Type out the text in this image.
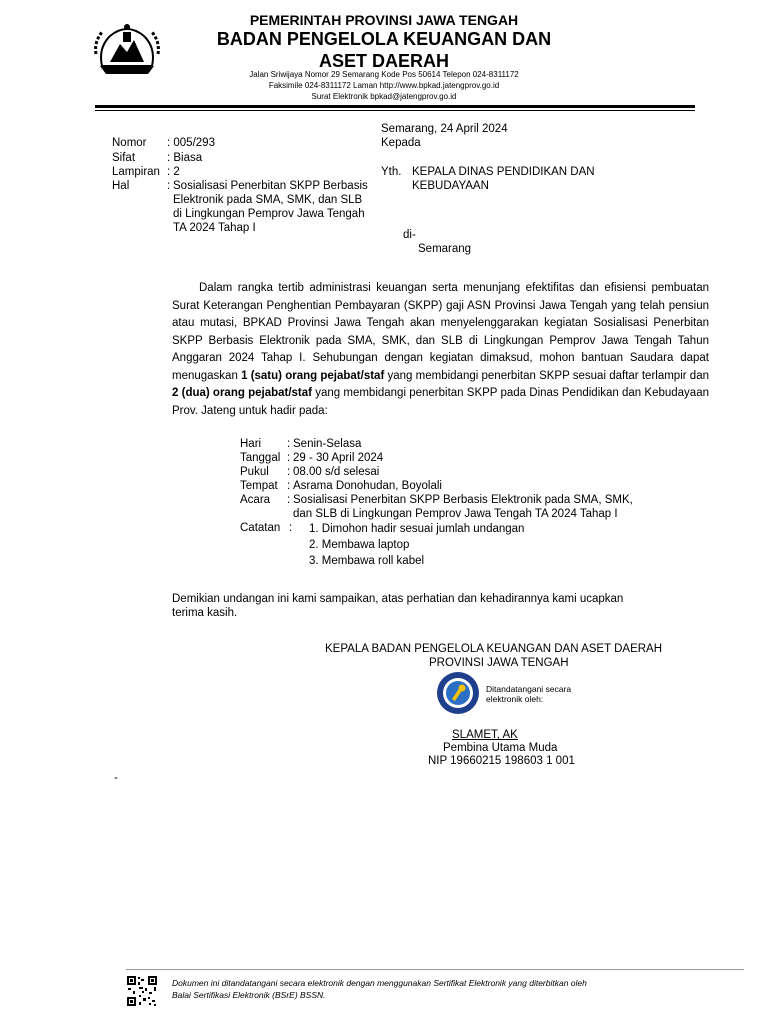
PEMERINTAH PROVINSI JAWA TENGAH
BADAN PENGELOLA KEUANGAN DAN
ASET DAERAH
Jalan Sriwijaya Nomor 29 Semarang Kode Pos 50614 Telepon 024-8311172
Faksimile 024-8311172 Laman http://www.bpkad.jatengprov.go.id
Surat Elektronik bpkad@jatengprov.go.id
Semarang, 24 April 2024
Kepada
Nomor : 005/293
Sifat	: Biasa
Lampiran : 2
Hal	: Sosialisasi Penerbitan SKPP Berbasis
Elektronik pada SMA, SMK, dan SLB
di Lingkungan Pemprov Jawa Tengah
TA 2024 Tahap I
Yth. KEPALA DINAS PENDIDIKAN DAN
KEBUDAYAAN
di-
Semarang

Dalam rangka tertib administrasi keuangan serta menunjang efektifitas dan efisiensi pembuatan Surat Keterangan Penghentian Pembayaran (SKPP) gaji ASN Provinsi Jawa Tengah yang telah pensiun atau mutasi, BPKAD Provinsi Jawa Tengah akan menyelenggarakan kegiatan Sosialisasi Penerbitan SKPP Berbasis Elektronik pada SMA, SMK, dan SLB di Lingkungan Pemprov Jawa Tengah Tahun Anggaran 2024 Tahap I. Sehubungan dengan kegiatan dimaksud, mohon bantuan Saudara dapat menugaskan 1 (satu) orang pejabat/staf yang membidangi penerbitan SKPP sesuai daftar terlampir dan 2 (dua) orang pejabat/staf yang membidangi penerbitan SKPP pada Dinas Pendidikan dan Kebudayaan Prov. Jateng untuk hadir pada:

Hari : Senin-Selasa
Tanggal : 29 - 30 April 2024
Pukul : 08.00 s/d selesai
Tempat : Asrama Donohudan, Boyolali
Acara : Sosialisasi Penerbitan SKPP Berbasis Elektronik pada SMA, SMK,
dan SLB di Lingkungan Pemprov Jawa Tengah TA 2024 Tahap I
Catatan : 1. Dimohon hadir sesuai jumlah undangan
2. Membawa laptop
3. Membawa roll kabel
Demikian undangan ini kami sampaikan, atas perhatian dan kehadirannya kami ucapkan
terima kasih.
KEPALA BADAN PENGELOLA KEUANGAN DAN ASET DAERAH
PROVINSI JAWA TENGAH
Ditandatangani secara
elektronik oleh:
SLAMET, AK
Pembina Utama Muda
NIP 19660215 198603 1 001
-
Dokumen ini ditandatangani secara elektronik dengan menggunakan Sertifikat Elektronik yang diterbitkan oleh
Balai Sertifikasi Elektronik (BSrE) BSSN.
